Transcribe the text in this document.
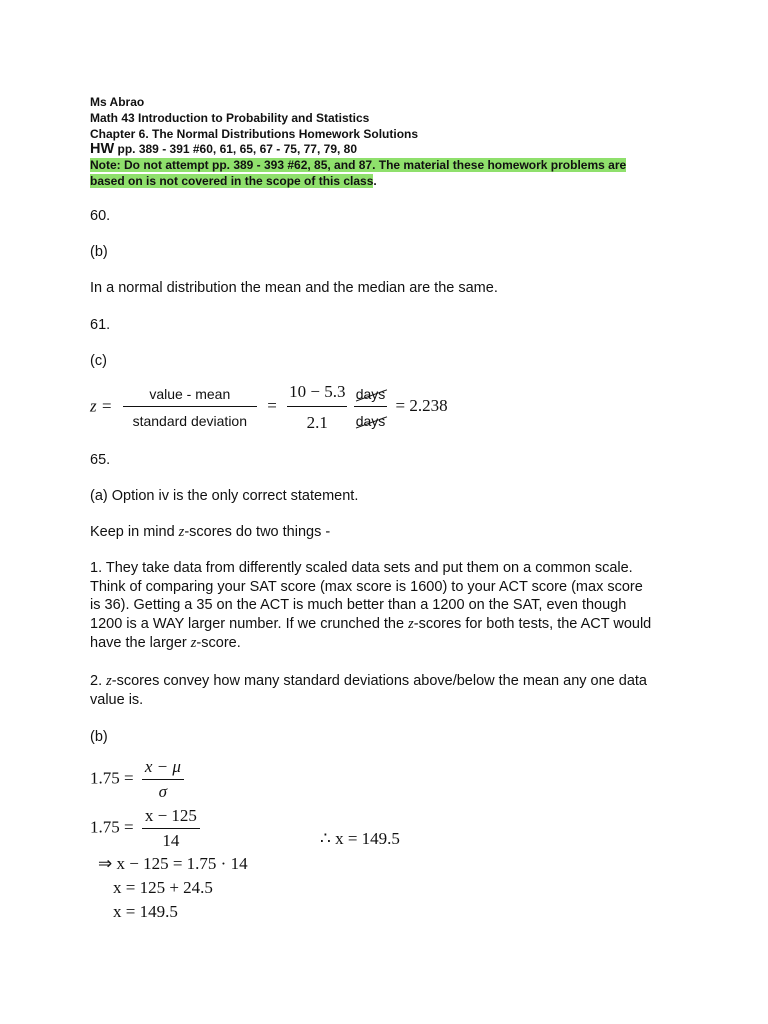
Ms Abrao
Math 43 Introduction to Probability and Statistics
Chapter 6. The Normal Distributions Homework Solutions
HW pp. 389 - 391 #60, 61, 65, 67 - 75, 77, 79, 80
Note: Do not attempt pp. 389 - 393 #62, 85, and 87. The material these homework problems are
based on is not covered in the scope of this class.
60.
(b)
In a normal distribution the mean and the median are the same.
61.
(c)
$z = \frac{\text{value - mean}}{\text{standard deviation}} = \frac{10 - 5.3}{2.1}$
$\frac{\text{days}}{\text{days}} = 2.238$
65.
(a) Option iv is the only correct statement.
Keep in mind z-scores do two things -
1. They take data from differently scaled data sets and put them on a common scale.
Think of comparing your SAT score (max score is 1600) to your ACT score (max score
is 36). Getting a 35 on the ACT is much better than a 1200 on the SAT, even though
1200 is a WAY larger number. If we crunched the z-scores for both tests, the ACT would
have the larger z-score.
2. z-scores convey how many standard deviations above/below the mean any one data
value is.
(b)
$1.75 = \frac{x - \mu}{\sigma}$
$1.75 = \frac{x - 125}{14}$	∴ x = 149.5
⇒ x − 125 = 1.75 · 14
x = 125 + 24.5
x = 149.5
